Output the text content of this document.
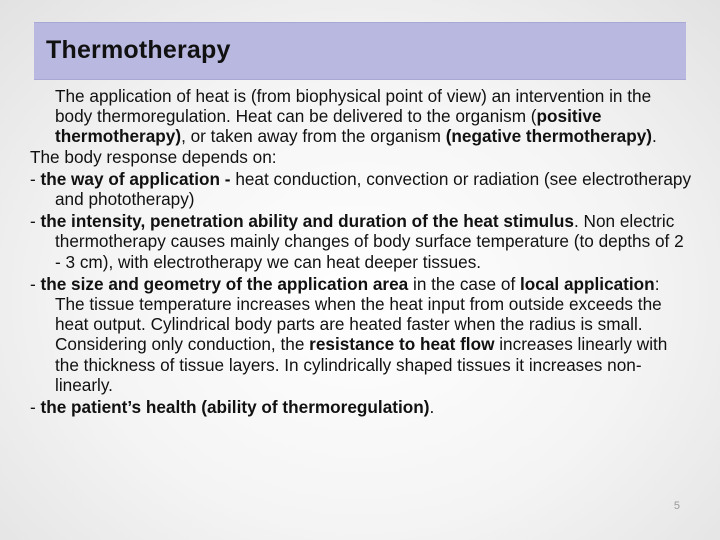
Thermotherapy

The application of heat is (from biophysical point of view) an intervention in the body thermoregulation. Heat can be delivered to the organism (positive thermotherapy), or taken away from the organism (negative thermotherapy).

The body response depends on:

- the way of application - heat conduction, convection or radiation (see electrotherapy and phototherapy)

- the intensity, penetration ability and duration of the heat stimulus. Non electric thermotherapy causes mainly changes of body surface temperature (to depths of 2 - 3 cm), with electrotherapy we can heat deeper tissues.

- the size and geometry of the application area in the case of local application: The tissue temperature increases when the heat input from outside exceeds the heat output. Cylindrical body parts are heated faster when the radius is small. Considering only conduction, the resistance to heat flow increases linearly with the thickness of tissue layers. In cylindrically shaped tissues it increases non-linearly.

- the patient’s health (ability of thermoregulation).

5
